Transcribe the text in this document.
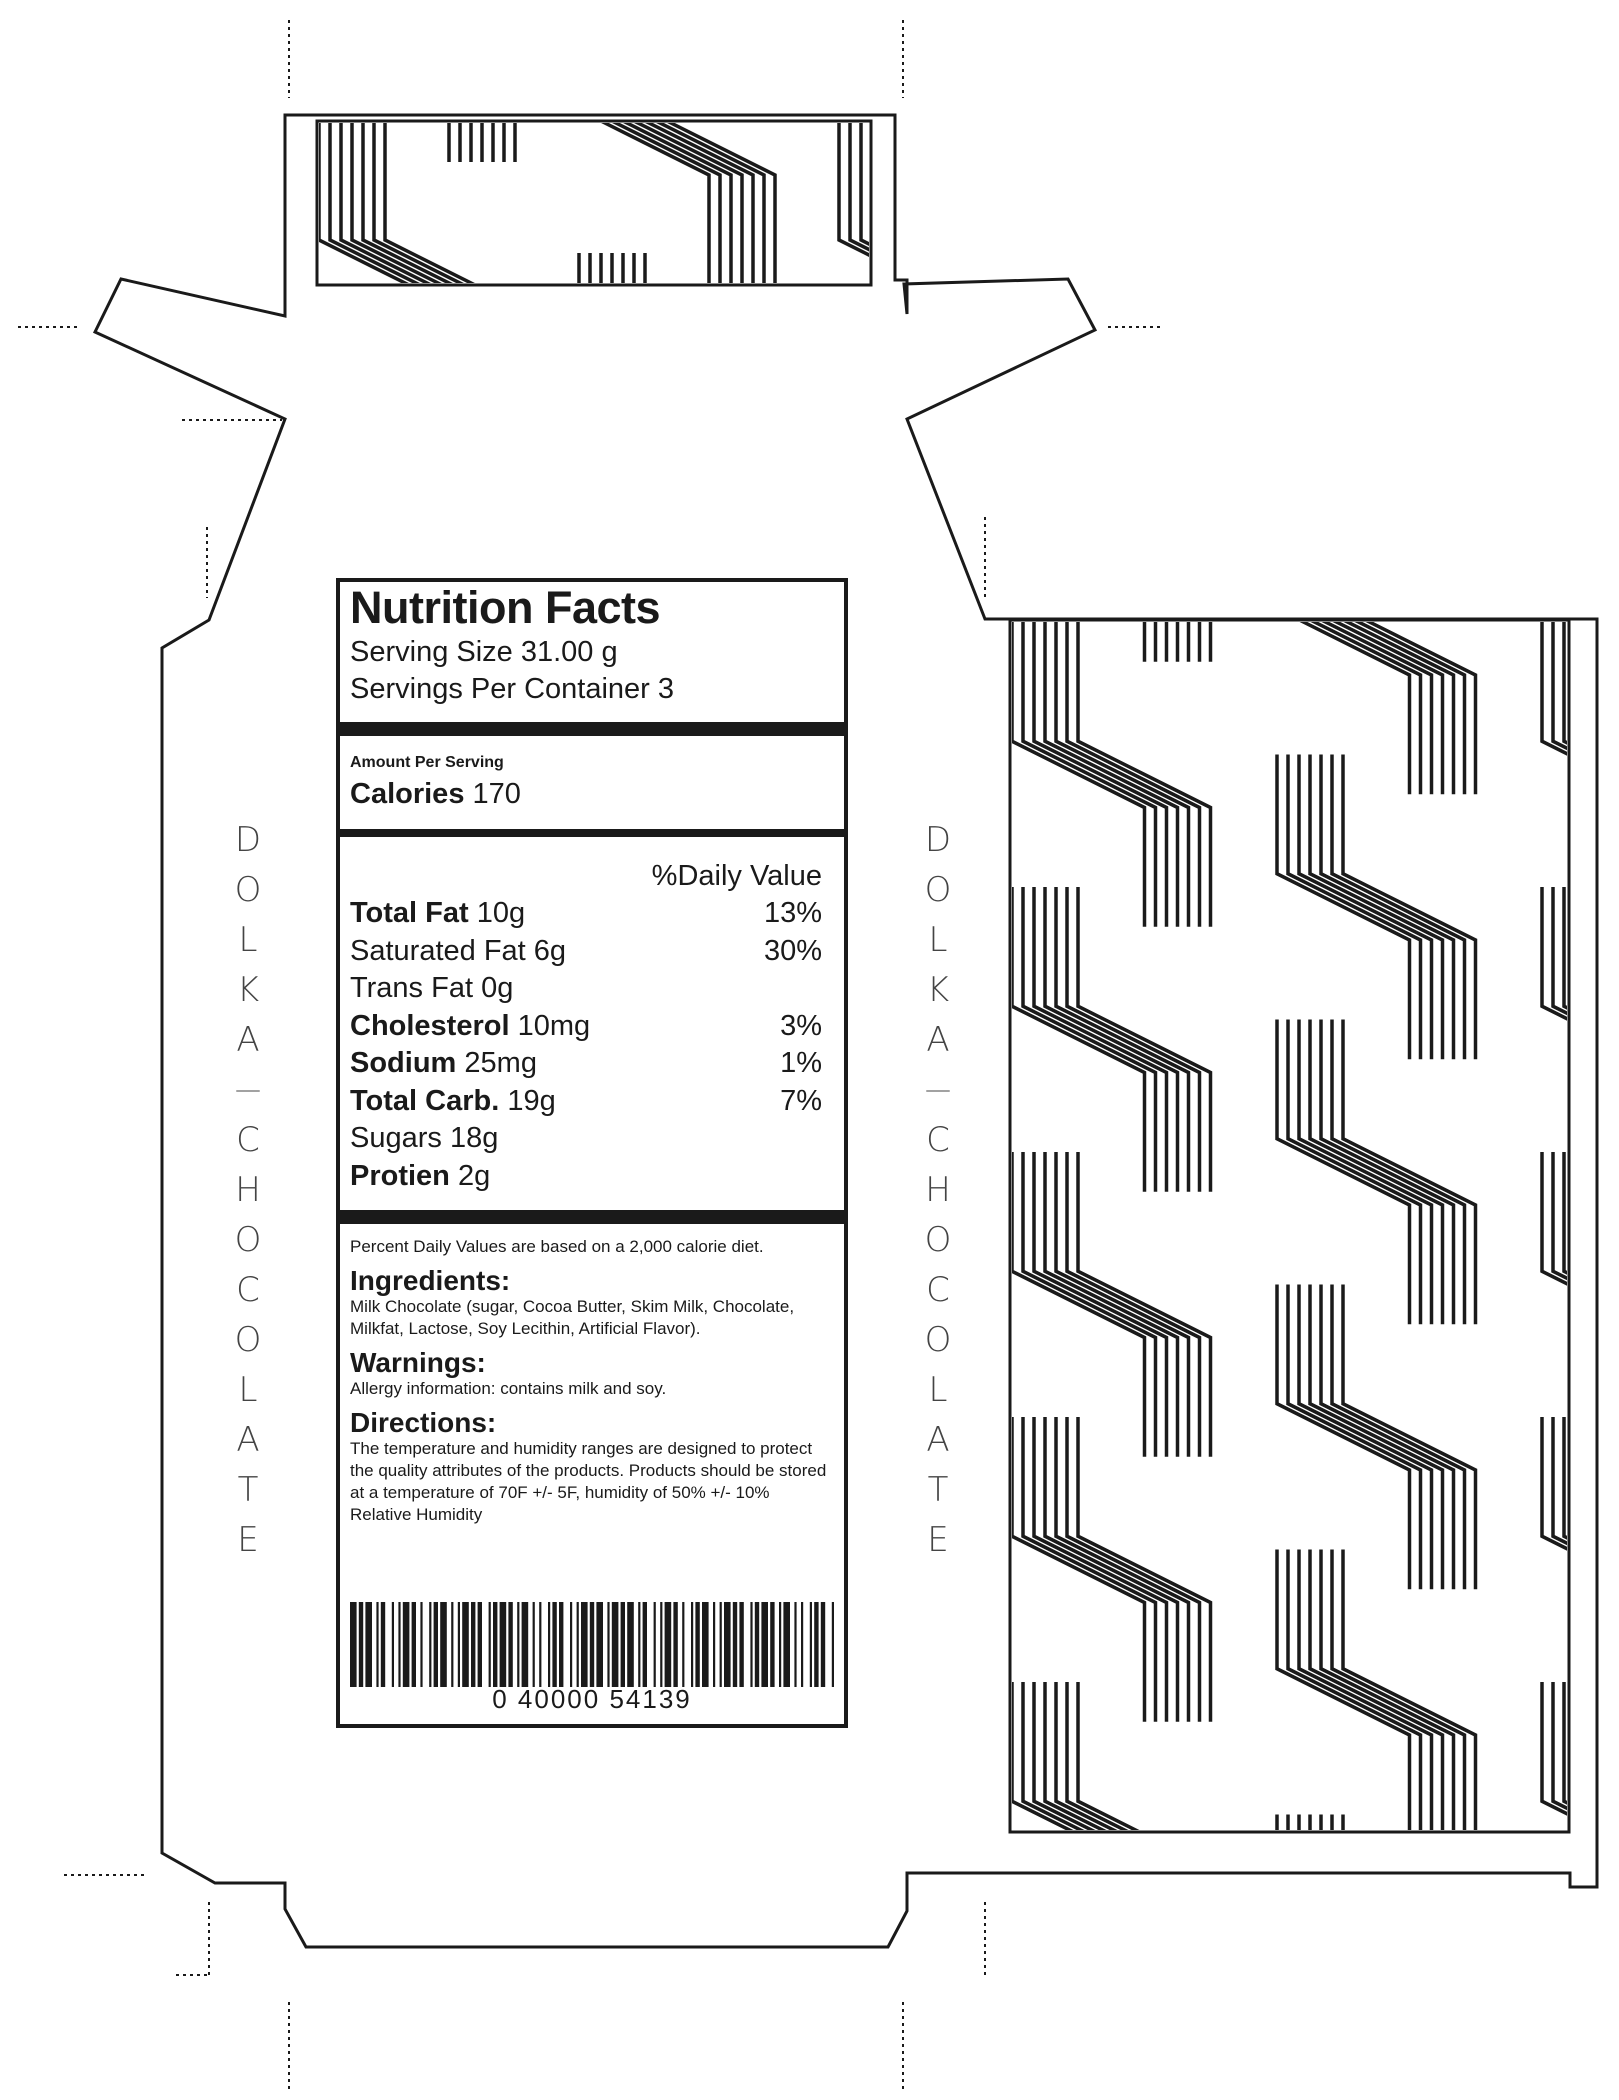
D
O
L
K
A
—
C
H
O
C
O
L
A
T
E
D
O
L
K
A
—
C
H
O
C
O
L
A
T
E
Nutrition Facts
Serving Size 31.00 g
Servings Per Container 3
Amount Per Serving
Calories 170
%Daily Value
Total Fat 10g	13%
Saturated Fat 6g	30%
Trans Fat 0g
Cholesterol 10mg	3%
Sodium 25mg	1%
Total Carb. 19g	7%
Sugars 18g
Protien 2g
Percent Daily Values are based on a 2,000 calorie diet.
Ingredients:
Milk Chocolate (sugar, Cocoa Butter, Skim Milk, Chocolate, Milkfat, Lactose, Soy Lecithin, Artificial Flavor).
Warnings:
Allergy information: contains milk and soy.
Directions:
The temperature and humidity ranges are designed to protect the quality attributes of the products. Products should be stored at a temperature of 70F +/- 5F, humidity of 50% +/- 10% Relative Humidity
0 40000 54139
